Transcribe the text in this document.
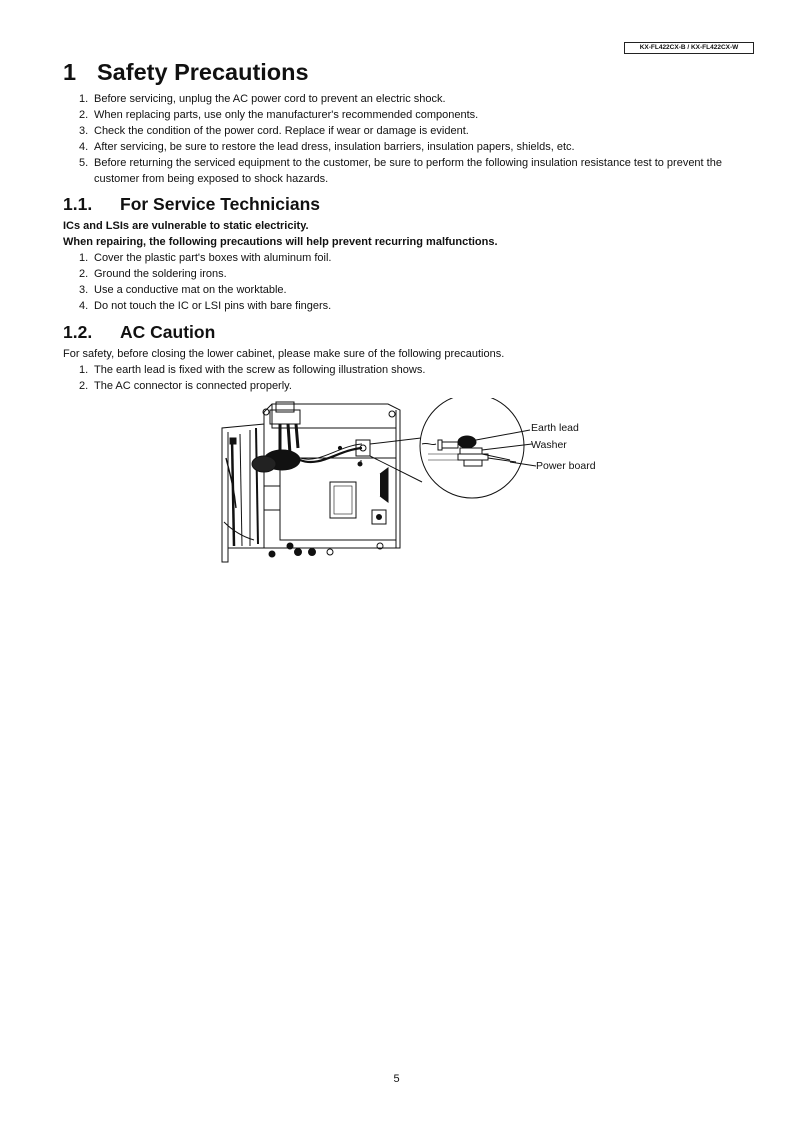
KX-FL422CX-B / KX-FL422CX-W
1 Safety Precautions
1. Before servicing, unplug the AC power cord to prevent an electric shock.
2. When replacing parts, use only the manufacturer's recommended components.
3. Check the condition of the power cord. Replace if wear or damage is evident.
4. After servicing, be sure to restore the lead dress, insulation barriers, insulation papers, shields, etc.
5. Before returning the serviced equipment to the customer, be sure to perform the following insulation resistance test to prevent the customer from being exposed to shock hazards.
1.1. For Service Technicians

ICs and LSIs are vulnerable to static electricity.

When repairing, the following precautions will help prevent recurring malfunctions.

1. Cover the plastic part's boxes with aluminum foil.
2. Ground the soldering irons.
3. Use a conductive mat on the worktable.
4. Do not touch the IC or LSI pins with bare fingers.
1.2. AC Caution

For safety, before closing the lower cabinet, please make sure of the following precautions.

1. The earth lead is fixed with the screw as following illustration shows.
2. The AC connector is connected properly.
Earth lead
Washer
Power board
5
